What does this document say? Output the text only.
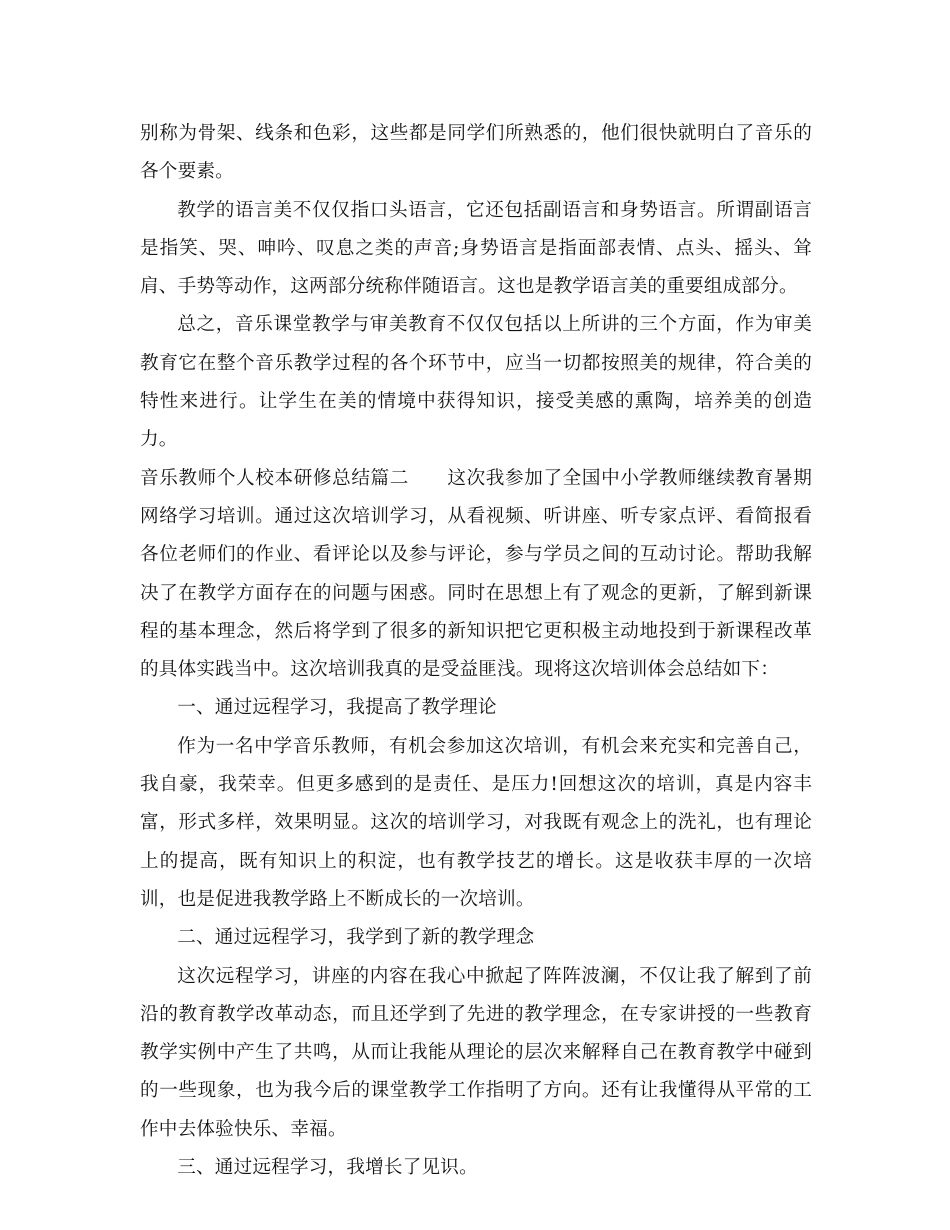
别称为骨架、线条和色彩，这些都是同学们所熟悉的，他们很快就明白了音乐的各个要素。

教学的语言美不仅仅指口头语言，它还包括副语言和身势语言。所谓副语言是指笑、哭、呻吟、叹息之类的声音;身势语言是指面部表情、点头、摇头、耸肩、手势等动作，这两部分统称伴随语言。这也是教学语言美的重要组成部分。

总之，音乐课堂教学与审美教育不仅仅包括以上所讲的三个方面，作为审美教育它在整个音乐教学过程的各个环节中，应当一切都按照美的规律，符合美的特性来进行。让学生在美的情境中获得知识，接受美感的熏陶，培养美的创造力。

音乐教师个人校本研修总结篇二　　这次我参加了全国中小学教师继续教育暑期网络学习培训。通过这次培训学习，从看视频、听讲座、听专家点评、看简报看各位老师们的作业、看评论以及参与评论，参与学员之间的互动讨论。帮助我解决了在教学方面存在的问题与困惑。同时在思想上有了观念的更新，了解到新课程的基本理念，然后将学到了很多的新知识把它更积极主动地投到于新课程改革的具体实践当中。这次培训我真的是受益匪浅。现将这次培训体会总结如下：

一、通过远程学习，我提高了教学理论

作为一名中学音乐教师，有机会参加这次培训，有机会来充实和完善自己，我自豪，我荣幸。但更多感到的是责任、是压力!回想这次的培训，真是内容丰富，形式多样，效果明显。这次的培训学习，对我既有观念上的洗礼，也有理论上的提高，既有知识上的积淀，也有教学技艺的增长。这是收获丰厚的一次培训，也是促进我教学路上不断成长的一次培训。

二、通过远程学习，我学到了新的教学理念

这次远程学习，讲座的内容在我心中掀起了阵阵波澜，不仅让我了解到了前沿的教育教学改革动态，而且还学到了先进的教学理念，在专家讲授的一些教育教学实例中产生了共鸣，从而让我能从理论的层次来解释自己在教育教学中碰到的一些现象，也为我今后的课堂教学工作指明了方向。还有让我懂得从平常的工作中去体验快乐、幸福。

三、通过远程学习，我增长了见识。
